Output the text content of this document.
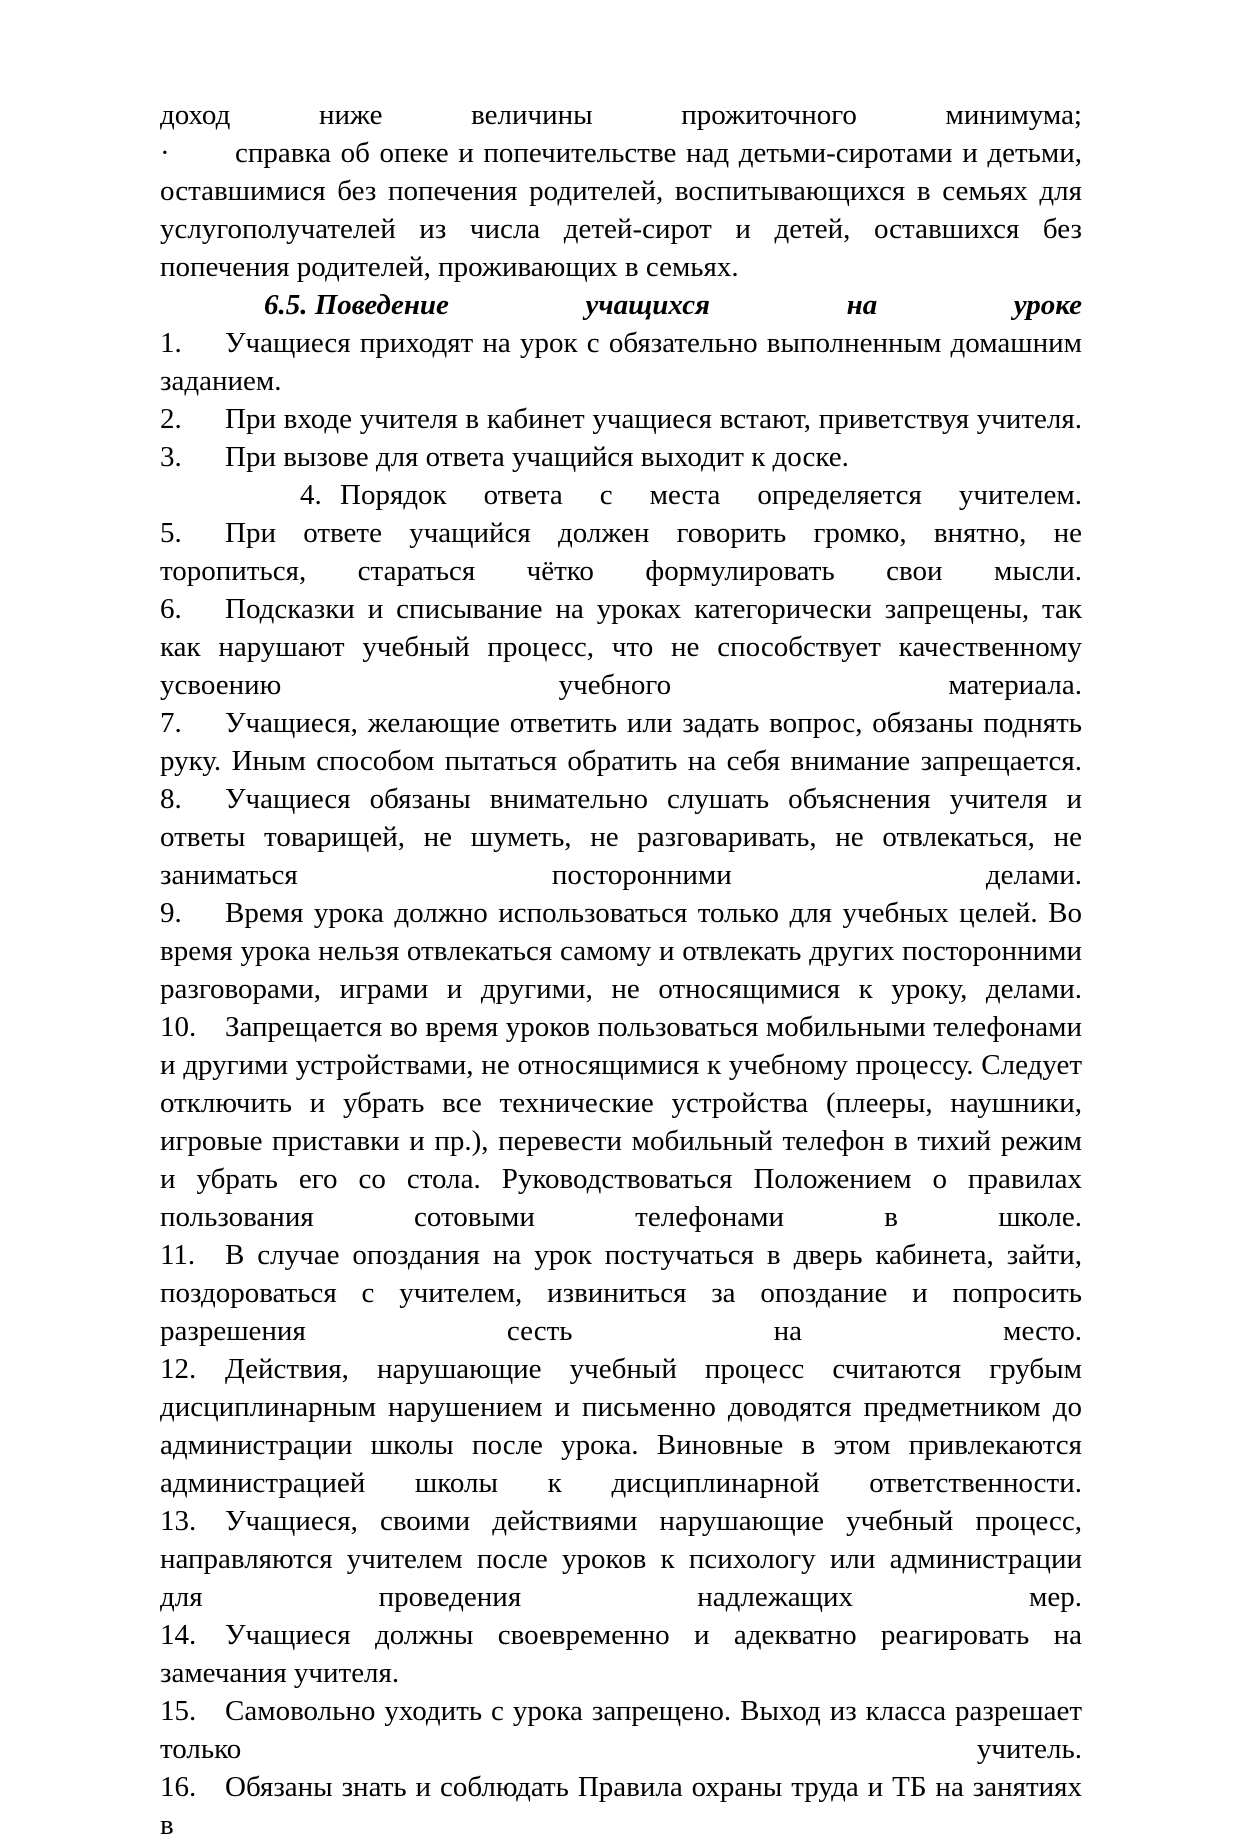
доход ниже величины прожиточного минимума;

· справка об опеке и попечительстве над детьми-сиротами и детьми, оставшимися без попечения родителей, воспитывающихся в семьях для услугополучателей из числа детей-сирот и детей, оставшихся без попечения родителей, проживающих в семьях.

6.5. Поведение	учащихся на уроке

1. Учащиеся приходят на урок с обязательно выполненным домашним заданием.

2. При входе учителя в кабинет учащиеся встают, приветствуя учителя.

3. При вызове для ответа учащийся выходит к доске.

4. Порядок ответа с места определяется учителем.

5. При ответе учащийся должен говорить громко, внятно, не торопиться, стараться чётко формулировать свои мысли.

6. Подсказки и списывание на уроках категорически запрещены, так как нарушают учебный процесс, что не способствует качественному усвоению учебного материала.

7. Учащиеся, желающие ответить или задать вопрос, обязаны поднять руку. Иным способом пытаться обратить на себя внимание запрещается.

8. Учащиеся обязаны внимательно слушать объяснения учителя и ответы товарищей, не шуметь, не разговаривать, не отвлекаться, не заниматься посторонними делами.

9. Время урока должно использоваться только для учебных целей. Во время урока нельзя отвлекаться самому и отвлекать других посторонними разговорами, играми и другими, не относящимися к уроку, делами.

10. Запрещается во время уроков пользоваться мобильными телефонами и другими устройствами, не относящимися к учебному процессу. Следует отключить и убрать все технические устройства (плееры, наушники, игровые приставки и пр.), перевести мобильный телефон в тихий режим и убрать его со стола. Руководствоваться Положением о правилах пользования сотовыми телефонами в школе.

11. В случае опоздания на урок постучаться в дверь кабинета, зайти, поздороваться с учителем, извиниться за опоздание и попросить разрешения сесть на место.

12. Действия, нарушающие учебный процесс считаются грубым дисциплинарным нарушением и письменно доводятся предметником до администрации школы после урока. Виновные в этом привлекаются администрацией школы к дисциплинарной ответственности.

13. Учащиеся, своими действиями нарушающие учебный процесс, направляются учителем после уроков к психологу или администрации для проведения надлежащих мер.

14. Учащиеся должны своевременно и адекватно реагировать на замечания учителя.

15. Самовольно уходить с урока запрещено. Выход из класса разрешает только учитель.

16. Обязаны знать и соблюдать Правила охраны труда и ТБ на занятиях в
